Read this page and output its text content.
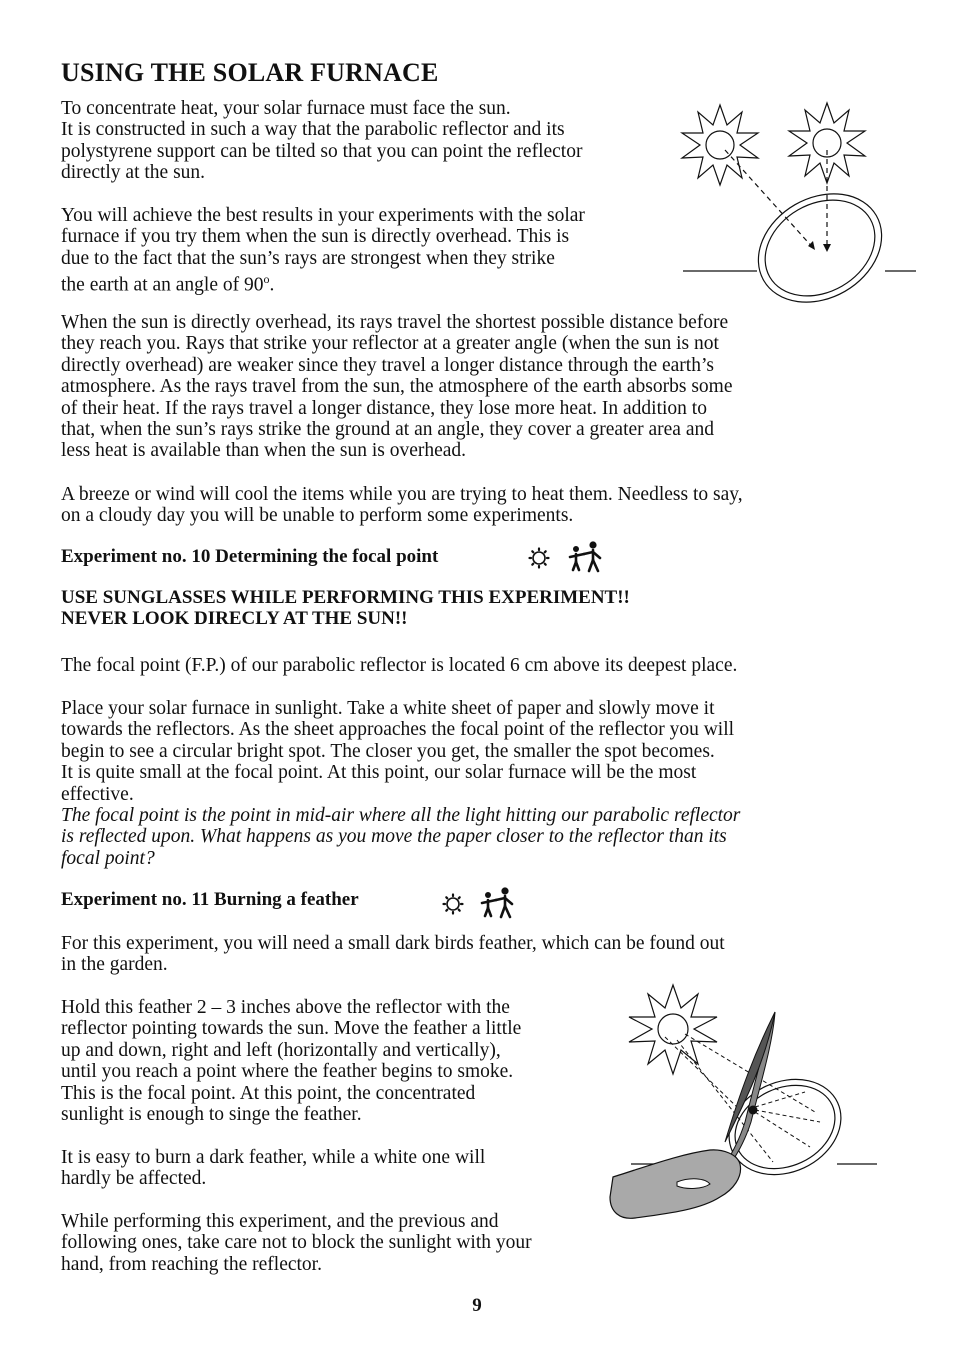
USING THE SOLAR FURNACE
To concentrate heat, your solar furnace must face the sun.
It is constructed in such a way that the parabolic reflector and its
polystyrene support can be tilted so that you can point the reflector
directly at the sun.
You will achieve the best results in your experiments with the solar
furnace if you try them when the sun is directly overhead. This is
due to the fact that the sun’s rays are strongest when they strike
the earth at an angle of 90$^o$.
When the sun is directly overhead, its rays travel the shortest possible distance before
they reach you. Rays that strike your reflector at a greater angle (when the sun is not
directly overhead) are weaker since they travel a longer distance through the earth’s
atmosphere. As the rays travel from the sun, the atmosphere of the earth absorbs some
of their heat. If the rays travel a longer distance, they lose more heat. In addition to
that, when the sun’s rays strike the ground at an angle, they cover a greater area and
less heat is available than when the sun is overhead.
A breeze or wind will cool the items while you are trying to heat them. Needless to say,
on a cloudy day you will be unable to perform some experiments.

Experiment no. 10 Determining the focal point

USE SUNGLASSES WHILE PERFORMING THIS EXPERIMENT!!
NEVER LOOK DIRECLY AT THE SUN!!
The focal point (F.P.) of our parabolic reflector is located 6 cm above its deepest place.
Place your solar furnace in sunlight. Take a white sheet of paper and slowly move it
towards the reflectors. As the sheet approaches the focal point of the reflector you will
begin to see a circular bright spot. The closer you get, the smaller the spot becomes.
It is quite small at the focal point. At this point, our solar furnace will be the most
effective.
The focal point is the point in mid-air where all the light hitting our parabolic reflector
is reflected upon. What happens as you move the paper closer to the reflector than its
focal point?

Experiment no. 11 Burning a feather

For this experiment, you will need a small dark birds feather, which can be found out
in the garden.
Hold this feather 2 – 3 inches above the reflector with the
reflector pointing towards the sun. Move the feather a little
up and down, right and left (horizontally and vertically),
until you reach a point where the feather begins to smoke.
This is the focal point. At this point, the concentrated
sunlight is enough to singe the feather.
It is easy to burn a dark feather, while a white one will
hardly be affected.
While performing this experiment, and the previous and
following ones, take care not to block the sunlight with your
hand, from reaching the reflector.

9
